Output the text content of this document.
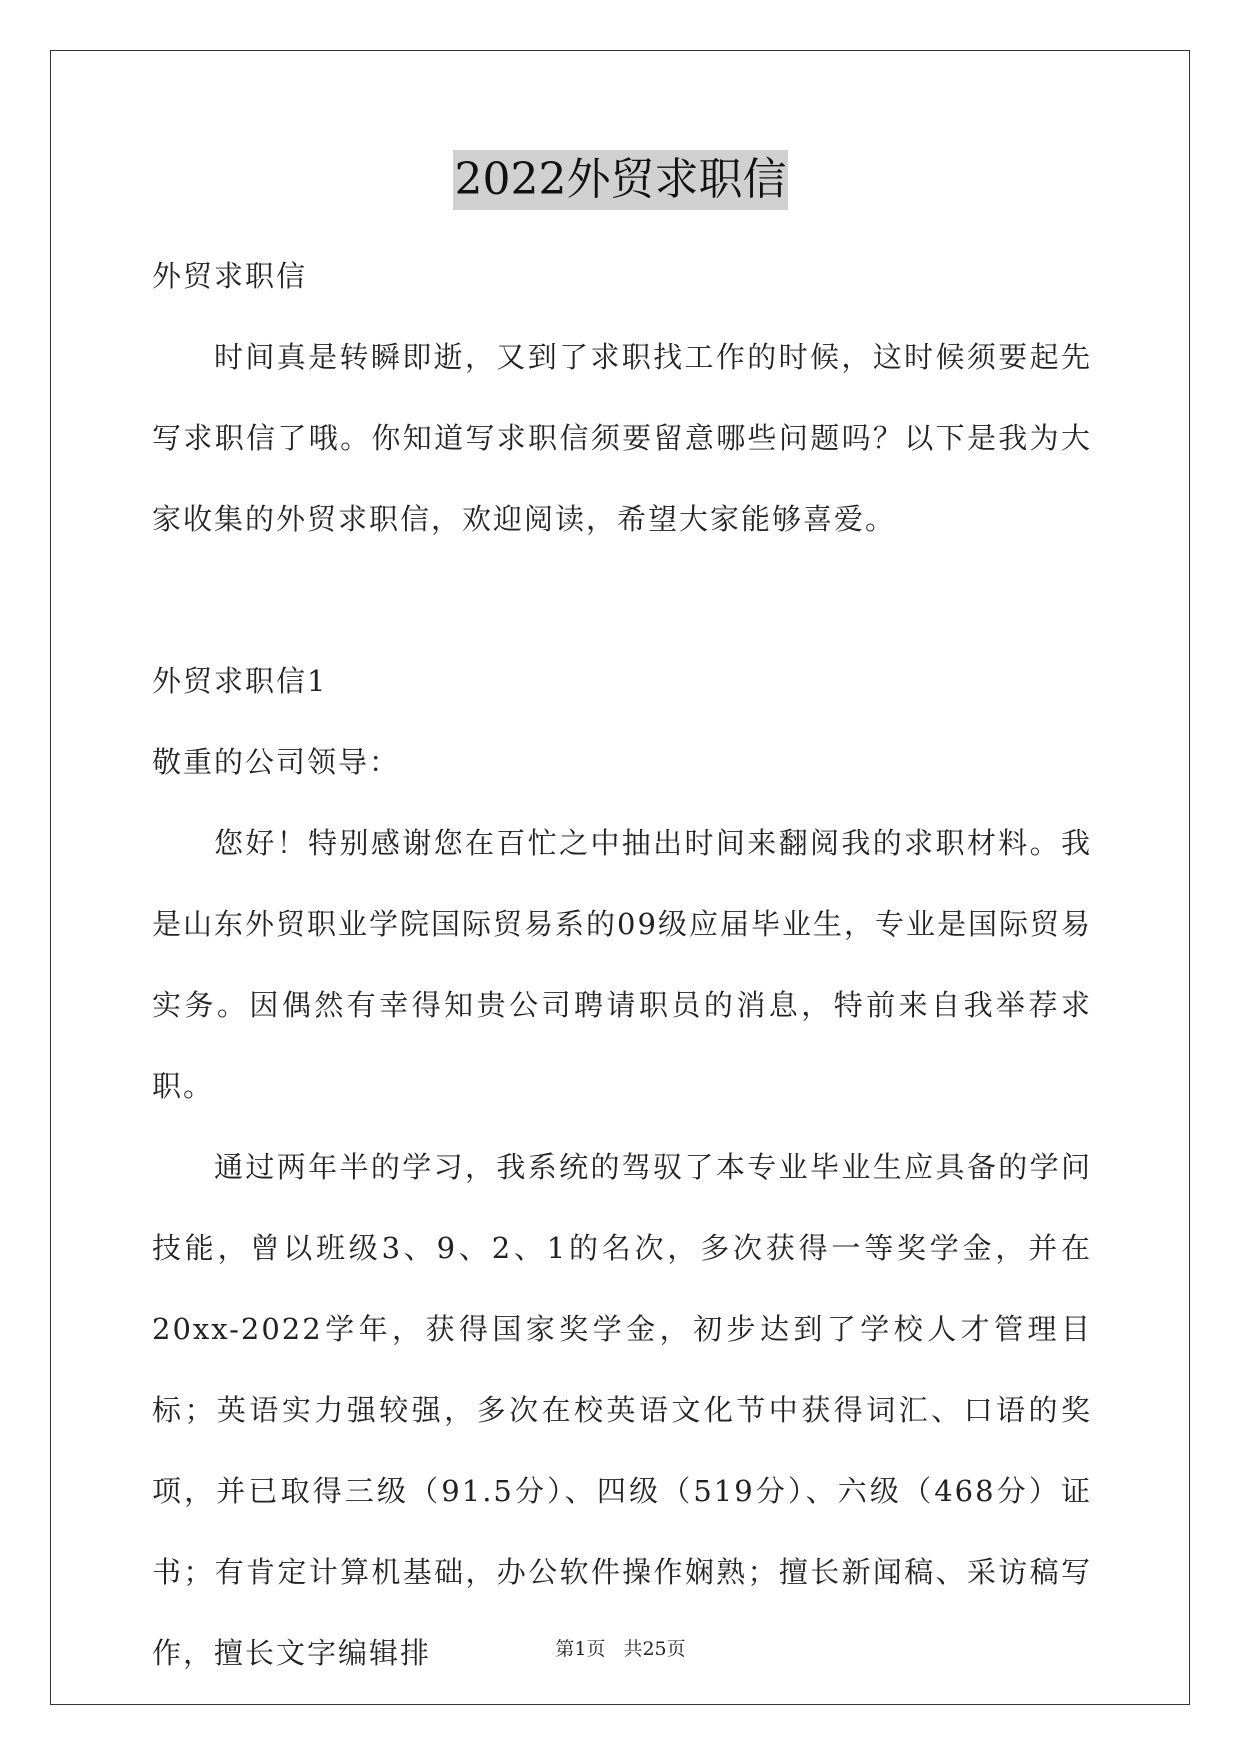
2022外贸求职信

外贸求职信

时间真是转瞬即逝，又到了求职找工作的时候，这时候须要起先写求职信了哦。你知道写求职信须要留意哪些问题吗？以下是我为大家收集的外贸求职信，欢迎阅读，希望大家能够喜爱。

外贸求职信1

敬重的公司领导：

您好！特别感谢您在百忙之中抽出时间来翻阅我的求职材料。我是山东外贸职业学院国际贸易系的09级应届毕业生，专业是国际贸易实务。因偶然有幸得知贵公司聘请职员的消息，特前来自我举荐求职。

通过两年半的学习，我系统的驾驭了本专业毕业生应具备的学问技能，曾以班级3、9、2、1的名次，多次获得一等奖学金，并在20xx-2022学年，获得国家奖学金，初步达到了学校人才管理目标；英语实力强较强，多次在校英语文化节中获得词汇、口语的奖项，并已取得三级（91.5分）、四级（519分）、六级（468分）证书；有肯定计算机基础，办公软件操作娴熟；擅长新闻稿、采访稿写作，擅长文字编辑排	第1页 共25页
